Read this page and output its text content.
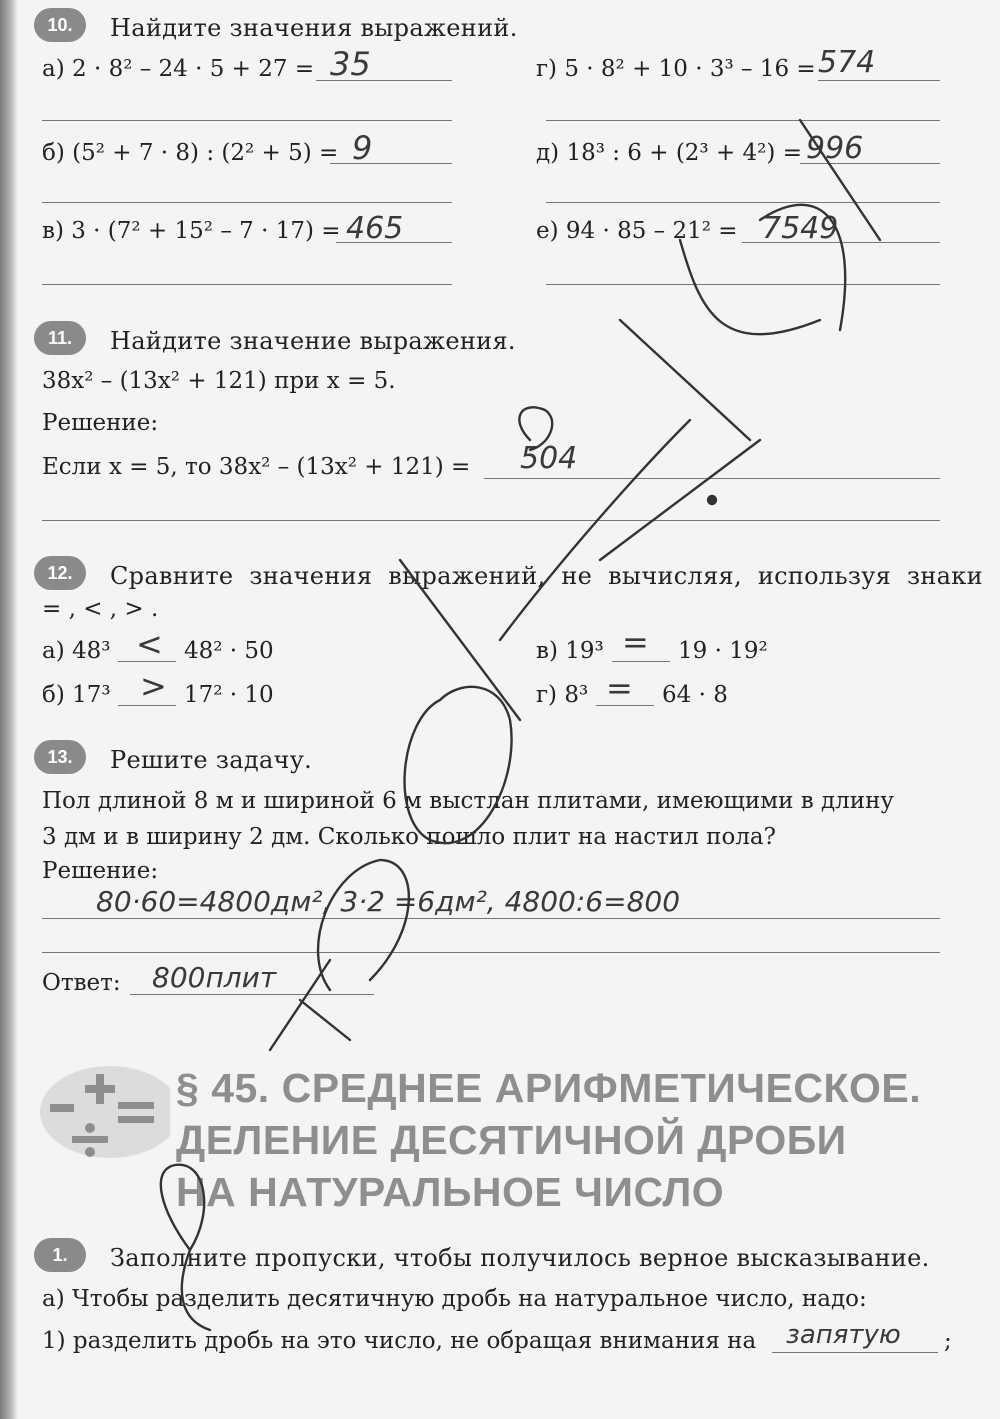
10.	Найдите значения выражений.
а) 2 · 8² – 24 · 5 + 27 = 35
б) (5² + 7 · 8) : (2² + 5) = 9
в) 3 · (7² + 15² – 7 · 17) = 465
г) 5 · 8² + 10 · 3³ – 16 = 574
д) 18³ : 6 + (2³ + 4²) = 996
е) 94 · 85 – 21² = 7549
11.	Найдите значение выражения.
38x² – (13x² + 121) при x = 5.
Решение:
Если x = 5, то 38x² – (13x² + 121) = 504
12.	Сравните значения выражений, не вычисляя, используя знаки
= , < , > .
а) 48³ < 48² · 50
б) 17³ > 17² · 10
в) 19³ = 19 · 19²
г) 8³ = 64 · 8
13.	Решите задачу.
Пол длиной 8 м и шириной 6 м выстлан плитами, имеющими в длину
3 дм и в ширину 2 дм. Сколько пошло плит на настил пола?
Решение:
80·60=4800дм², 3·2 =6дм², 4800:6=800
Ответ: 800плит
§ 45. СРЕДНЕЕ АРИФМЕТИЧЕСКОЕ.
ДЕЛЕНИЕ ДЕСЯТИЧНОЙ ДРОБИ
НА НАТУРАЛЬНОЕ ЧИСЛО
1.	Заполните пропуски, чтобы получилось верное высказывание.
а) Чтобы разделить десятичную дробь на натуральное число, надо:
1) разделить дробь на это число, не обращая внимания на запятую ;
